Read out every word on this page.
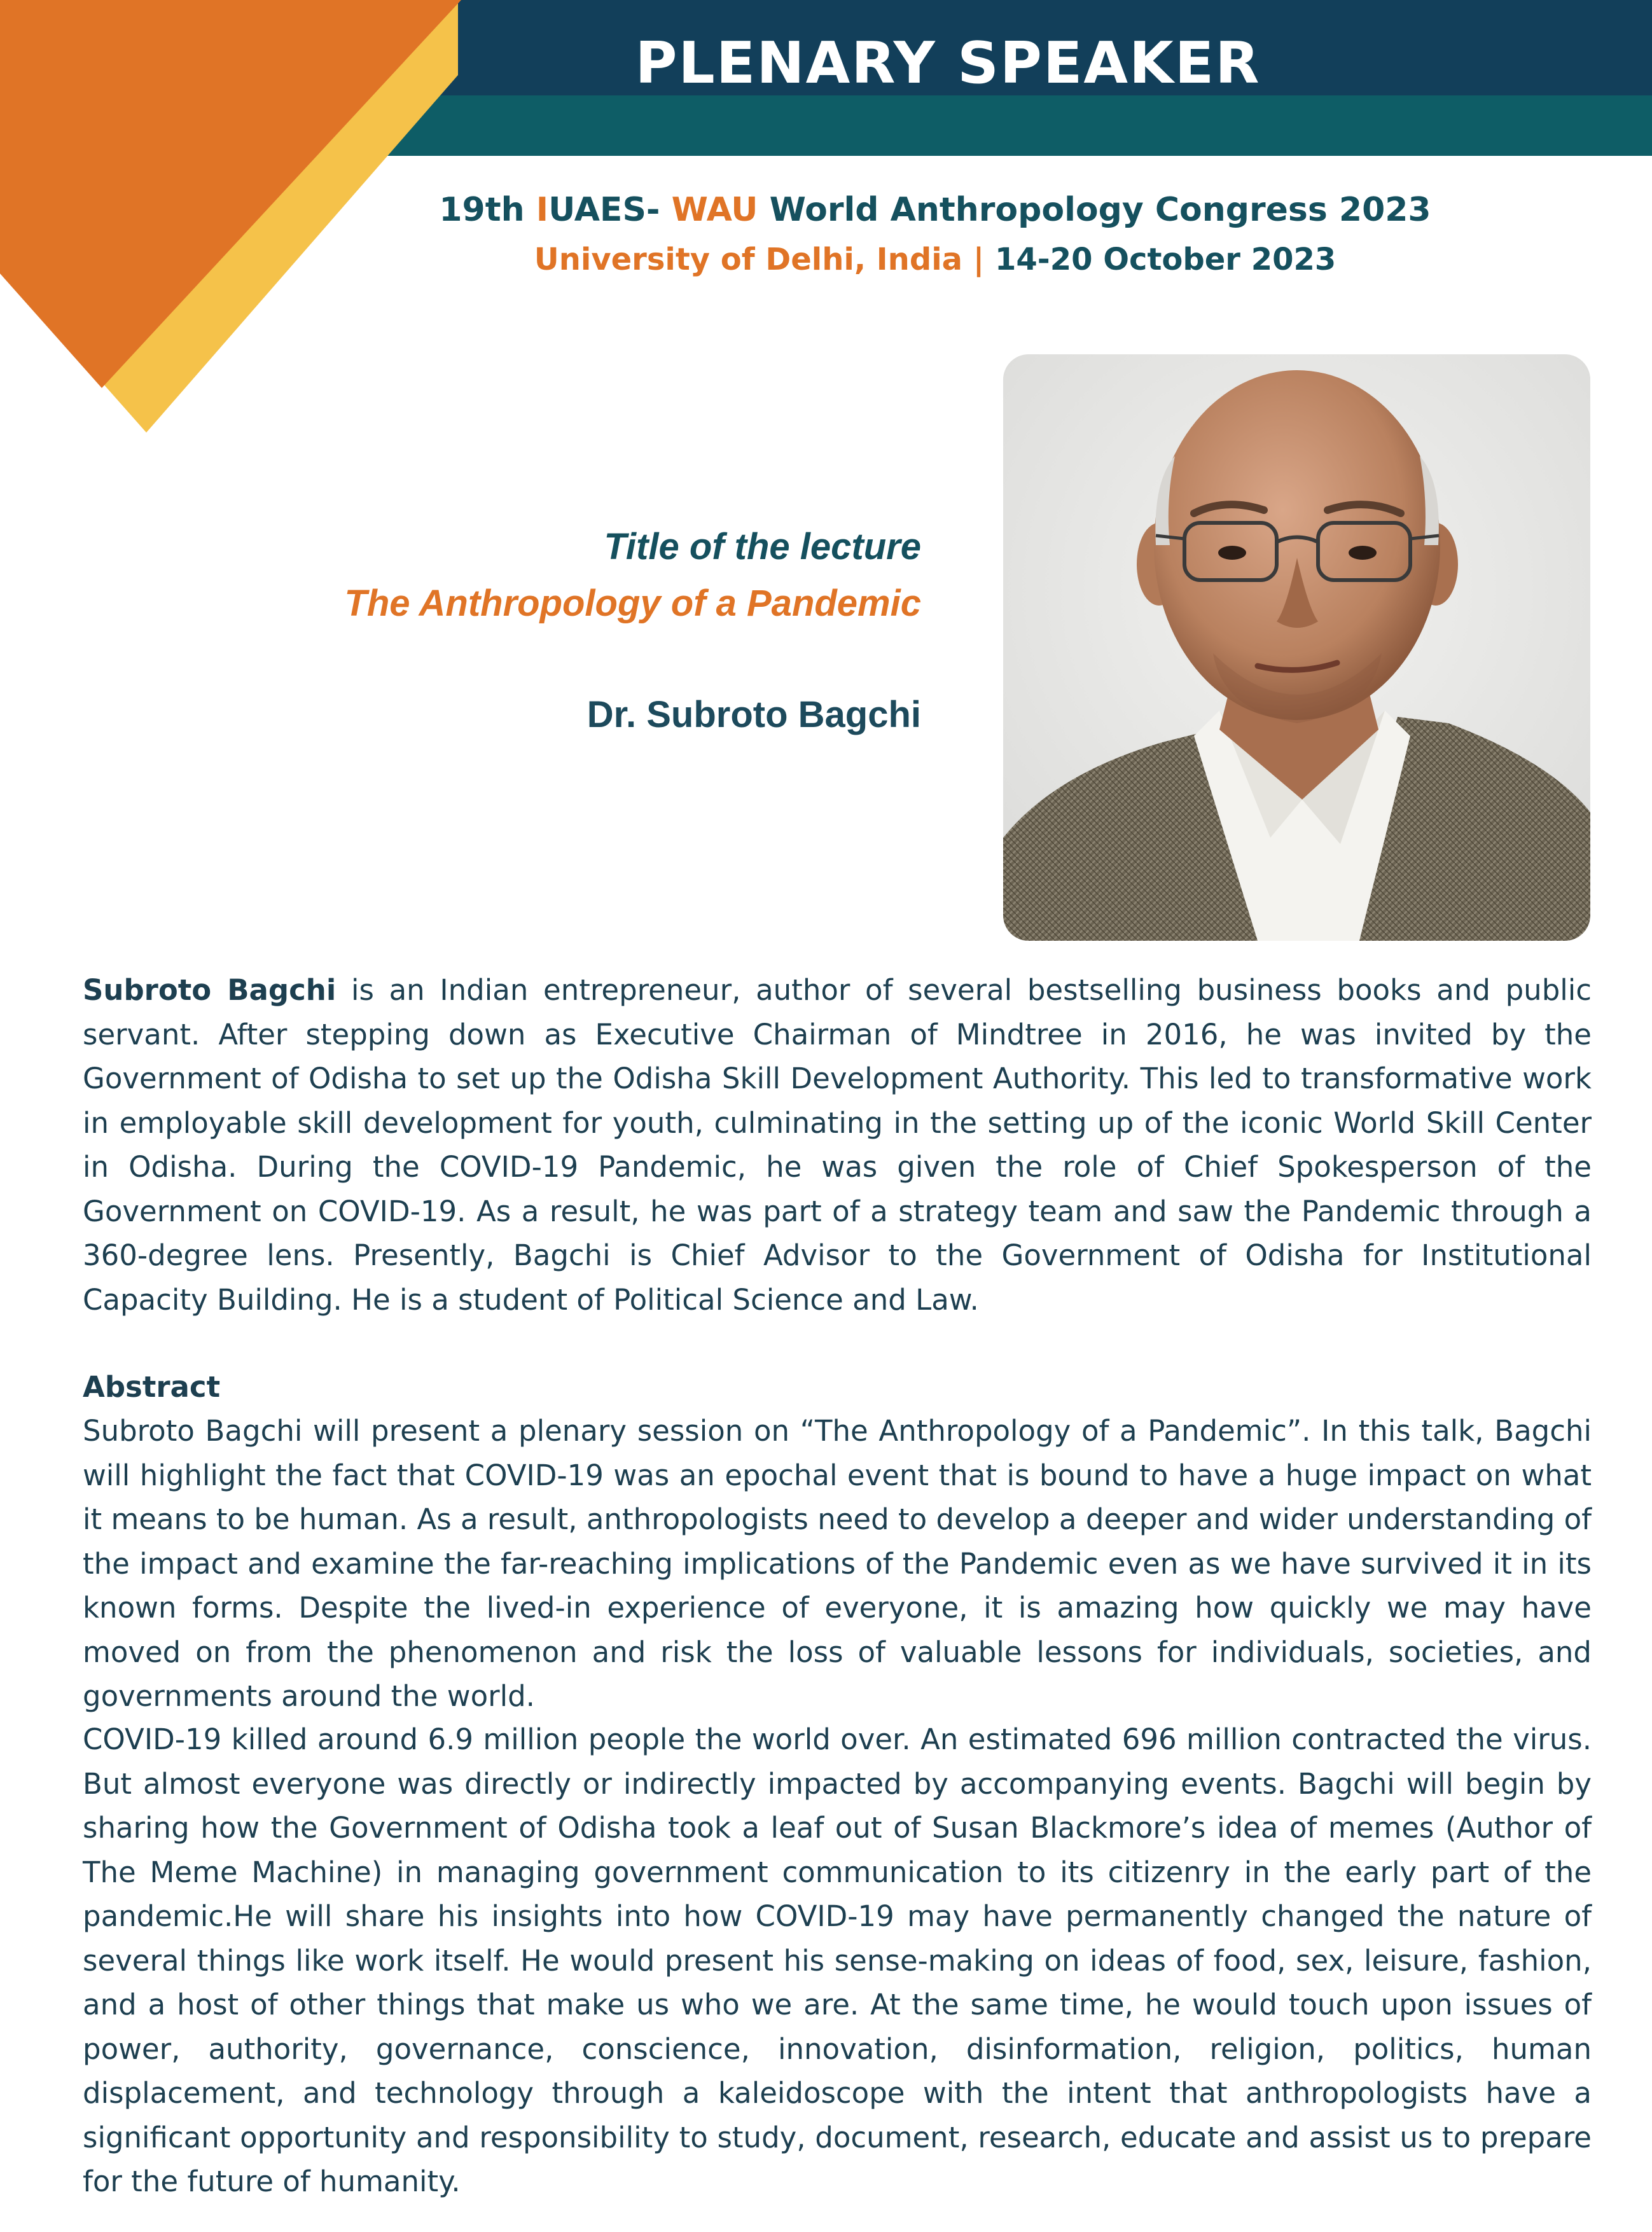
PLENARY SPEAKER
19th IUAES- WAU World Anthropology Congress 2023
University of Delhi, India | 14-20 October 2023
Title of the lecture
The Anthropology of a Pandemic
Dr. Subroto Bagchi

Subroto Bagchi is an Indian entrepreneur, author of several bestselling business books and public servant. After stepping down as Executive Chairman of Mindtree in 2016, he was invited by the Government of Odisha to set up the Odisha Skill Development Authority. This led to transformative work in employable skill development for youth, culminating in the setting up of the iconic World Skill Center in Odisha. During the COVID-19 Pandemic, he was given the role of Chief Spokesperson of the Government on COVID-19. As a result, he was part of a strategy team and saw the Pandemic through a 360-degree lens. Presently, Bagchi is Chief Advisor to the Government of Odisha for Institutional Capacity Building. He is a student of Political Science and Law.

Abstract

Subroto Bagchi will present a plenary session on “The Anthropology of a Pandemic”. In this talk, Bagchi will highlight the fact that COVID-19 was an epochal event that is bound to have a huge impact on what it means to be human. As a result, anthropologists need to develop a deeper and wider understanding of the impact and examine the far-reaching implications of the Pandemic even as we have survived it in its known forms. Despite the lived-in experience of everyone, it is amazing how quickly we may have moved on from the phenomenon and risk the loss of valuable lessons for individuals, societies, and governments around the world.

COVID-19 killed around 6.9 million people the world over. An estimated 696 million contracted the virus. But almost everyone was directly or indirectly impacted by accompanying events. Bagchi will begin by sharing how the Government of Odisha took a leaf out of Susan Blackmore’s idea of memes (Author of The Meme Machine) in managing government communication to its citizenry in the early part of the pandemic.He will share his insights into how COVID-19 may have permanently changed the nature of several things like work itself. He would present his sense-making on ideas of food, sex, leisure, fashion, and a host of other things that make us who we are. At the same time, he would touch upon issues of power, authority, governance, conscience, innovation, disinformation, religion, politics, human displacement, and technology through a kaleidoscope with the intent that anthropologists have a significant opportunity and responsibility to study, document, research, educate and assist us to prepare for the future of humanity.
